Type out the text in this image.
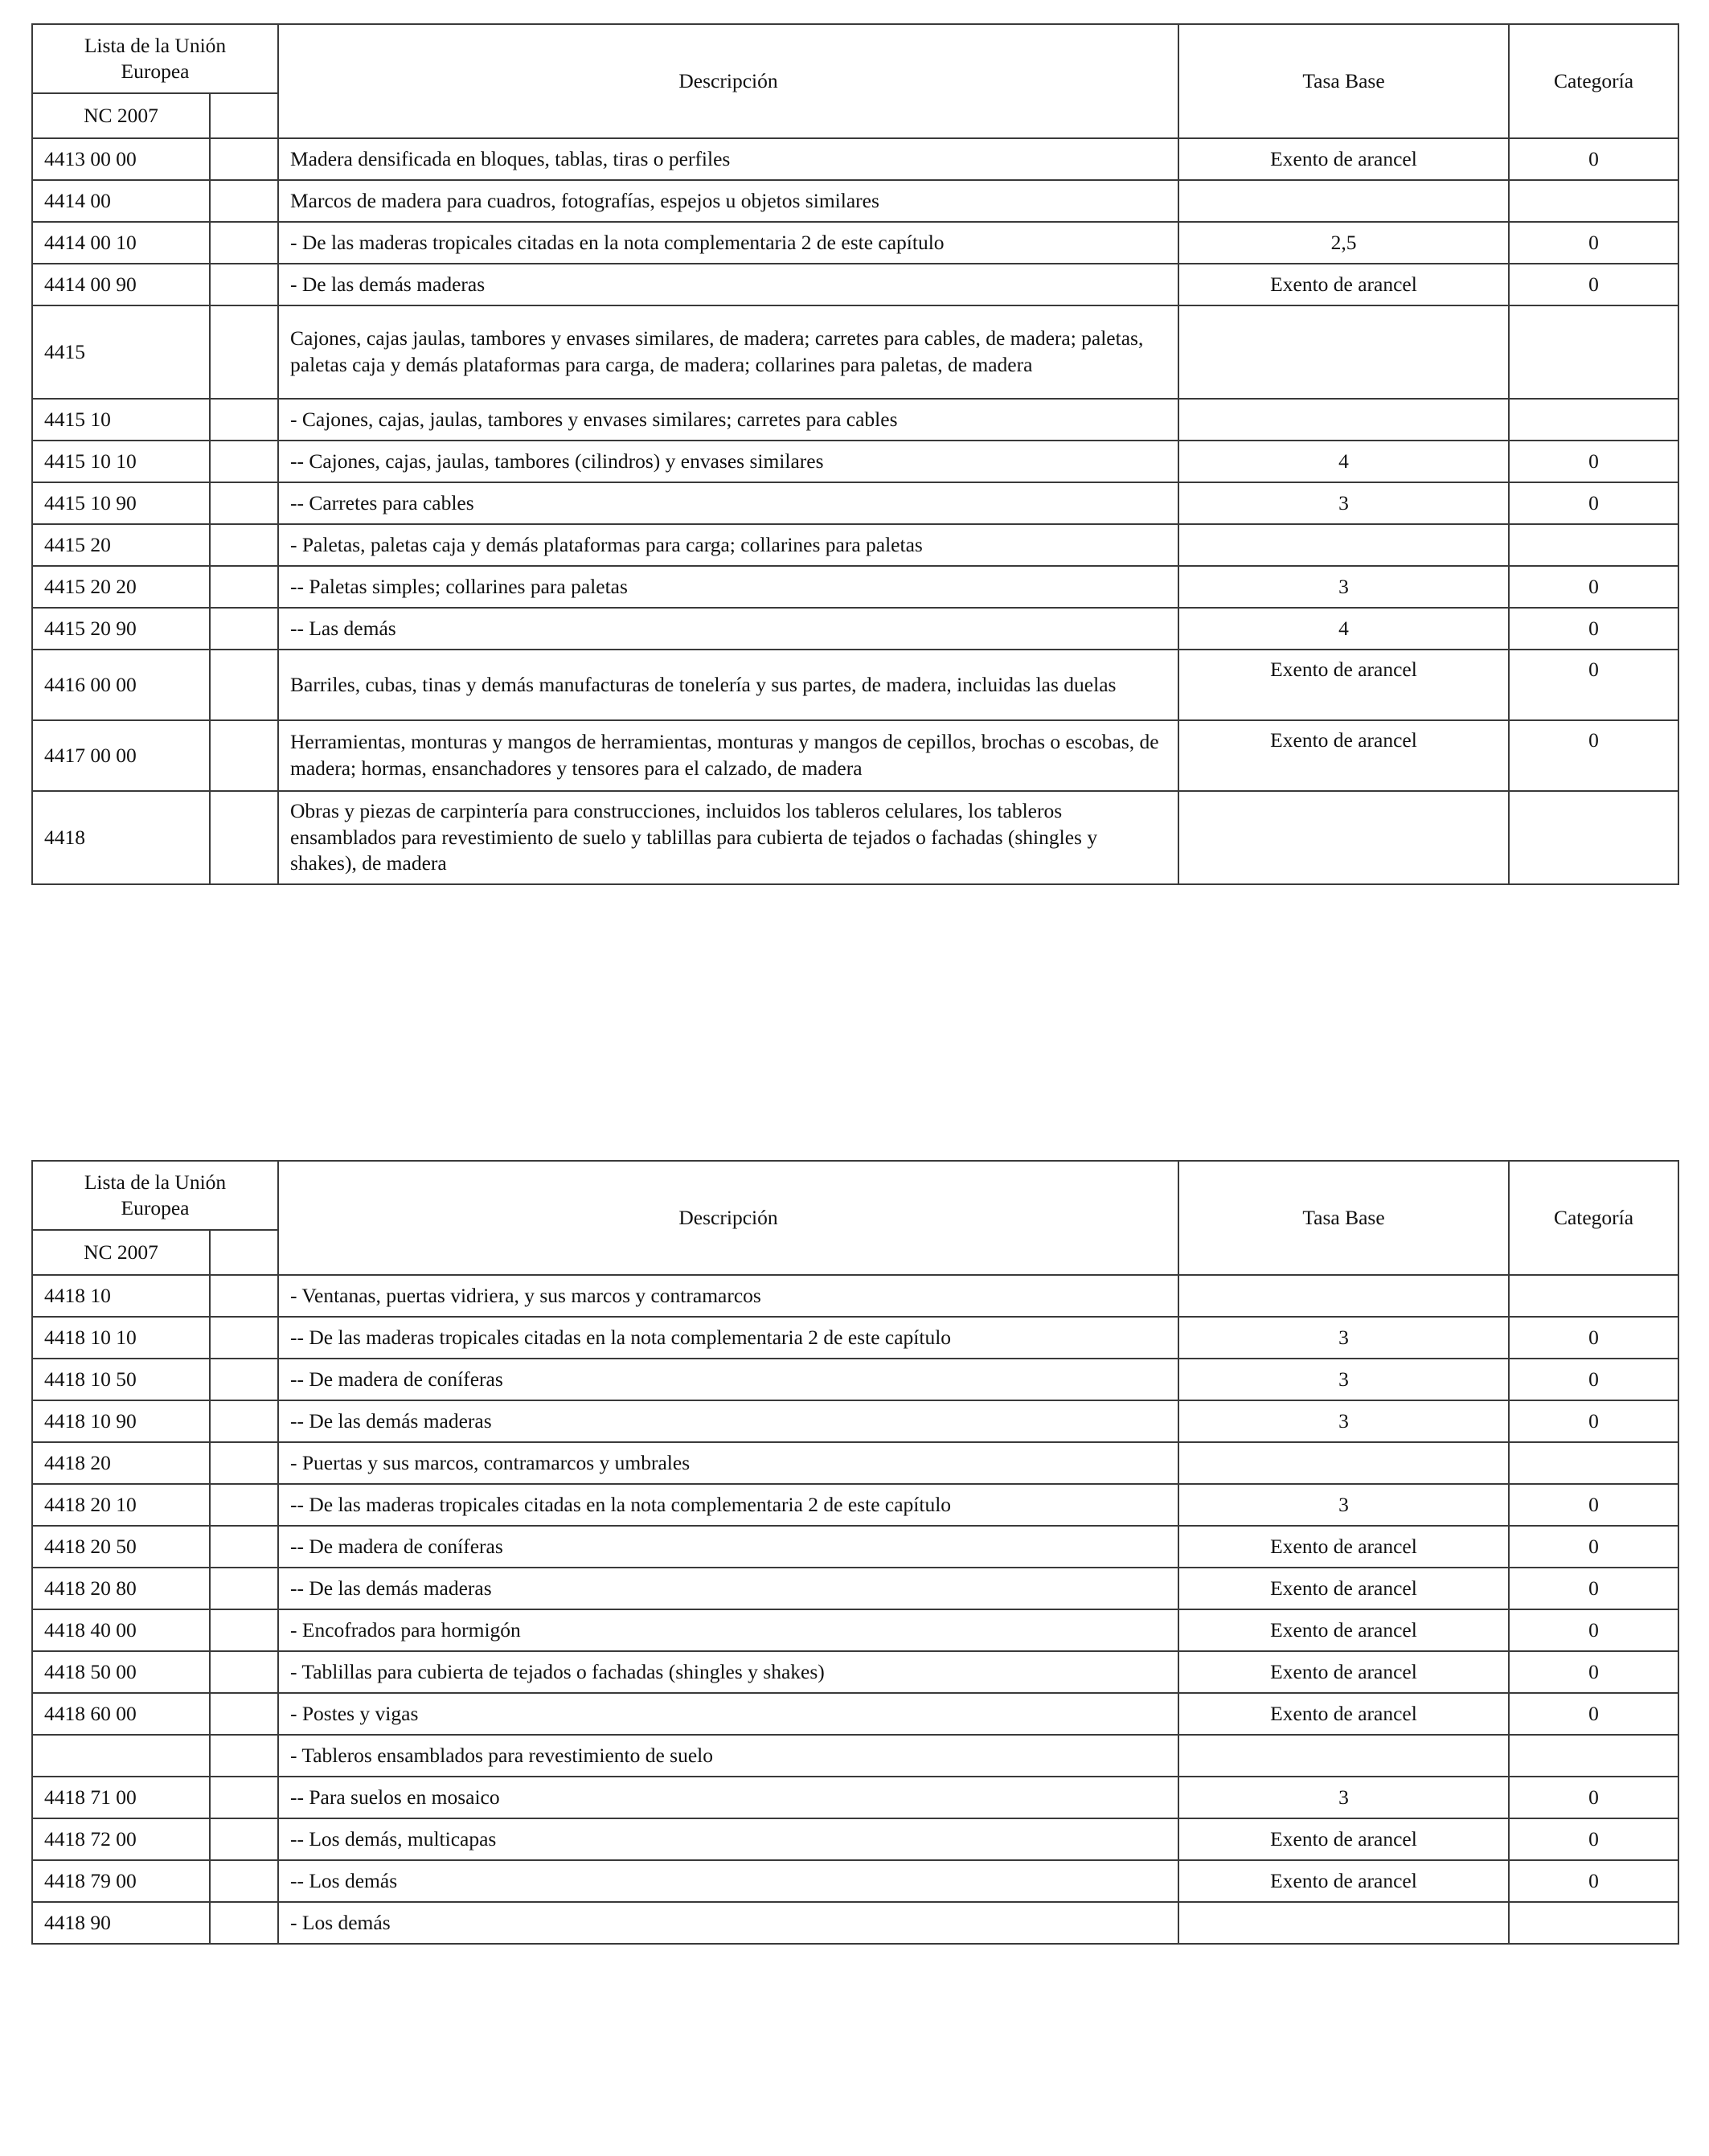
Lista de la Unión
Europea		Descripción	Tasa Base	Categoría
NC 2007				
4413 00 00		Madera densificada en bloques, tablas, tiras o perfiles	Exento de arancel	0
4414 00		Marcos de madera para cuadros, fotografías, espejos u objetos similares		
4414 00 10		- De las maderas tropicales citadas en la nota complementaria 2 de este capítulo	2,5	0
4414 00 90		- De las demás maderas	Exento de arancel	0
4415		Cajones, cajas jaulas, tambores y envases similares, de madera; carretes para cables, de madera; paletas, paletas caja y demás plataformas para carga, de madera; collarines para paletas, de madera		
4415 10		- Cajones, cajas, jaulas, tambores y envases similares; carretes para cables		
4415 10 10		-- Cajones, cajas, jaulas, tambores (cilindros) y envases similares	4	0
4415 10 90		-- Carretes para cables	3	0
4415 20		- Paletas, paletas caja y demás plataformas para carga; collarines para paletas		
4415 20 20		-- Paletas simples; collarines para paletas	3	0
4415 20 90		-- Las demás	4	0
4416 00 00		Barriles, cubas, tinas y demás manufacturas de tonelería y sus partes, de madera, incluidas las duelas	Exento de arancel	0
4417 00 00		Herramientas, monturas y mangos de herramientas, monturas y mangos de cepillos, brochas o escobas, de madera; hormas, ensanchadores y tensores para el calzado, de madera	Exento de arancel	0
4418		Obras y piezas de carpintería para construcciones, incluidos los tableros celulares, los tableros ensamblados para revestimiento de suelo y tablillas para cubierta de tejados o fachadas (shingles y shakes), de madera		
Lista de la Unión
Europea		Descripción	Tasa Base	Categoría
NC 2007				
4418 10		- Ventanas, puertas vidriera, y sus marcos y contramarcos		
4418 10 10		-- De las maderas tropicales citadas en la nota complementaria 2 de este capítulo	3	0
4418 10 50		-- De madera de coníferas	3	0
4418 10 90		-- De las demás maderas	3	0
4418 20		- Puertas y sus marcos, contramarcos y umbrales		
4418 20 10		-- De las maderas tropicales citadas en la nota complementaria 2 de este capítulo	3	0
4418 20 50		-- De madera de coníferas	Exento de arancel	0
4418 20 80		-- De las demás maderas	Exento de arancel	0
4418 40 00		- Encofrados para hormigón	Exento de arancel	0
4418 50 00		- Tablillas para cubierta de tejados o fachadas (shingles y shakes)	Exento de arancel	0
4418 60 00		- Postes y vigas	Exento de arancel	0
		- Tableros ensamblados para revestimiento de suelo		
4418 71 00		-- Para suelos en mosaico	3	0
4418 72 00		-- Los demás, multicapas	Exento de arancel	0
4418 79 00		-- Los demás	Exento de arancel	0
4418 90		- Los demás		
